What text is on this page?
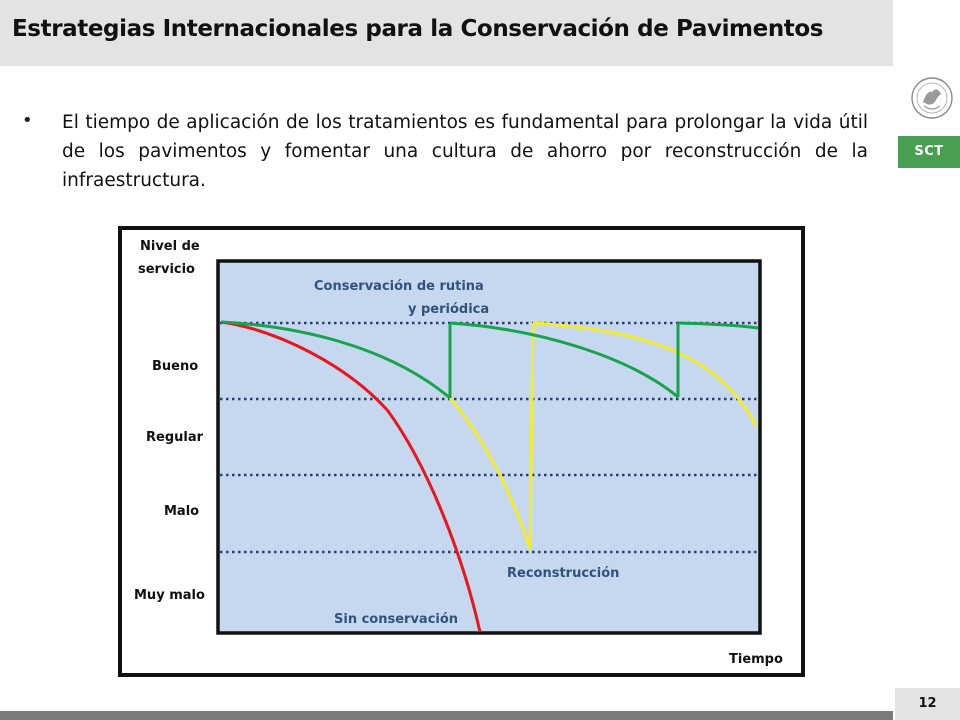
Estrategias Internacionales para la Conservación de Pavimentos
SCT
• El tiempo de aplicación de los tratamientos es fundamental para prolongar la vida útil de los pavimentos y fomentar una cultura de ahorro por reconstrucción de la infraestructura.

Nivel de
servicio
Bueno
Regular
Malo
Muy malo
Tiempo
Conservación de rutina
y periódica
Reconstrucción
Sin conservación
12
